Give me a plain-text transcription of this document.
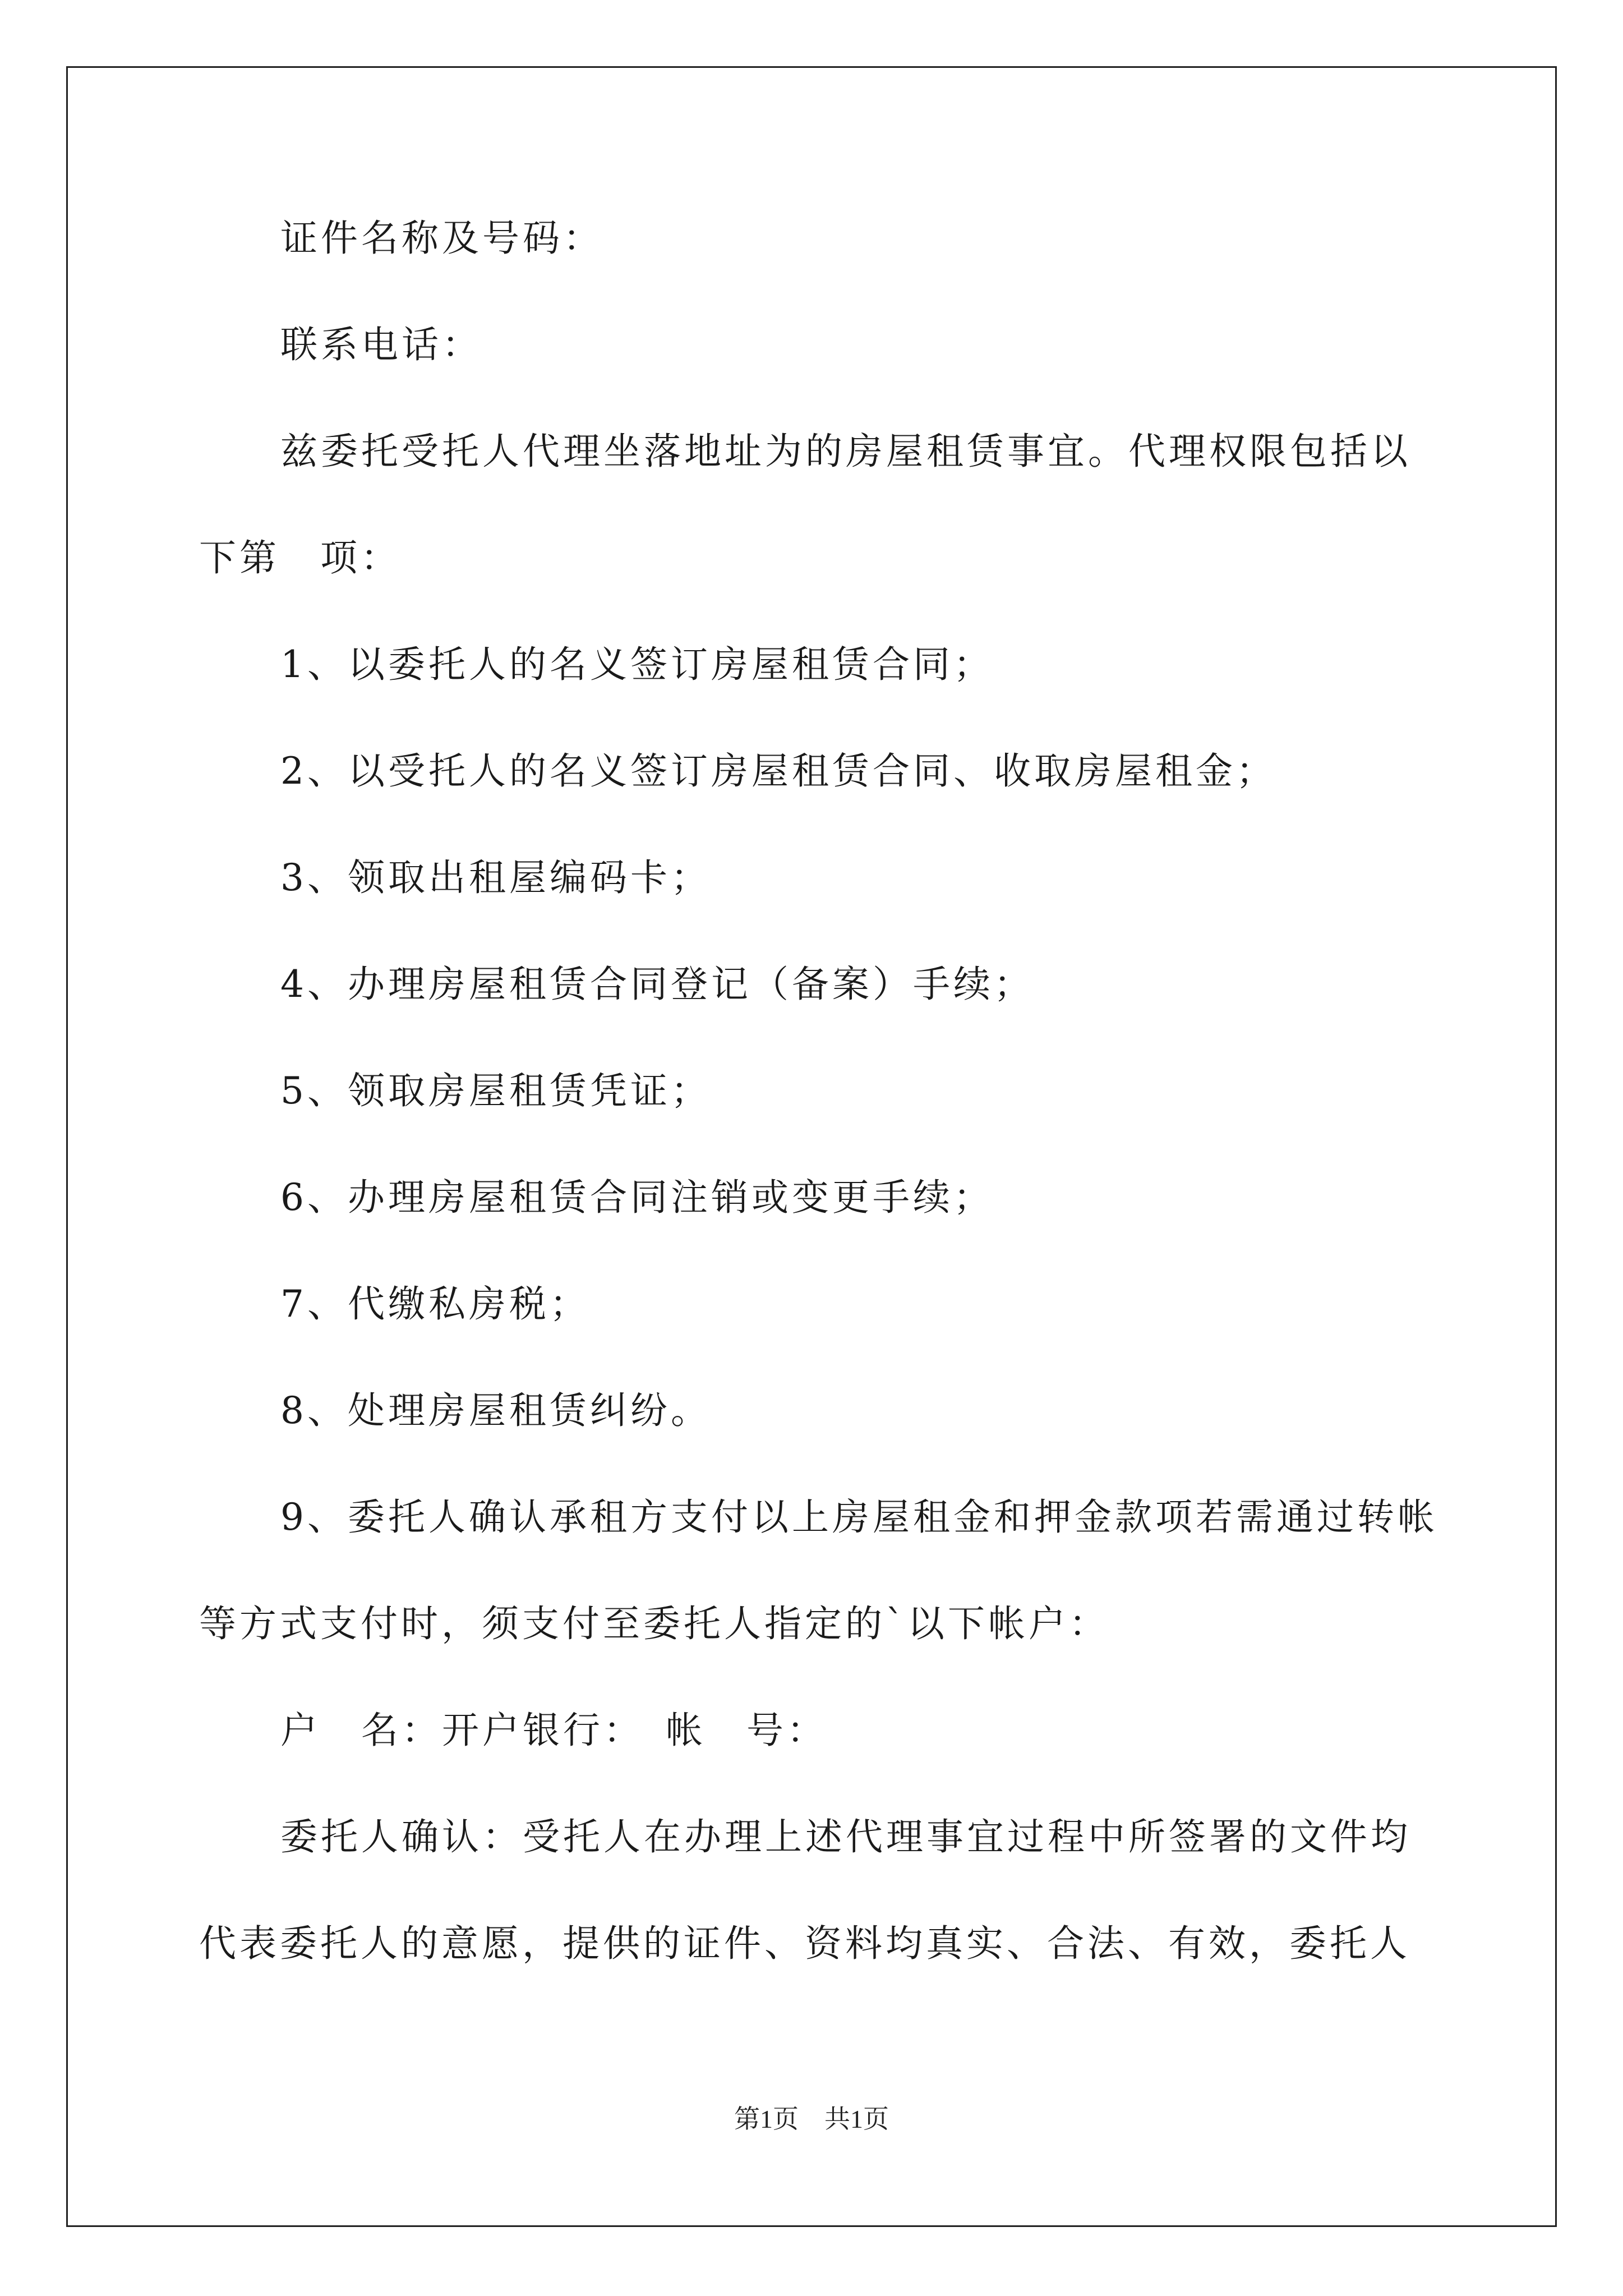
证件名称及号码：
联系电话：
兹委托受托人代理坐落地址为的房屋租赁事宜。代理权限包括以
下第　项：
1、以委托人的名义签订房屋租赁合同；
2、以受托人的名义签订房屋租赁合同、收取房屋租金；
3、领取出租屋编码卡；
4、办理房屋租赁合同登记（备案）手续；
5、领取房屋租赁凭证；
6、办理房屋租赁合同注销或变更手续；
7、代缴私房税；
8、处理房屋租赁纠纷。
9、委托人确认承租方支付以上房屋租金和押金款项若需通过转帐
等方式支付时，须支付至委托人指定的`以下帐户：
户　名：开户银行：　帐　号：
委托人确认：受托人在办理上述代理事宜过程中所签署的文件均
代表委托人的意愿，提供的证件、资料均真实、合法、有效，委托人
第1页　共1页
